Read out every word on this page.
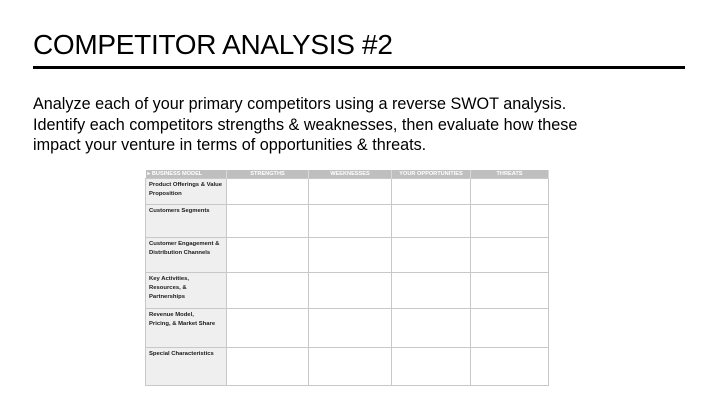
COMPETITOR ANALYSIS #2

Analyze each of your primary competitors using a reverse SWOT analysis.
Identify each competitors strengths & weaknesses, then evaluate how these
impact your venture in terms of opportunities & threats.

▸ BUSINESS MODEL	STRENGTHS	WEEKNESSES	YOUR OPPORTUNITIES	THREATS

Product Offerings & Value
Proposition				

Customers Segments				

Customer Engagement &
Distribution Channels				

Key Activities,
Resources, &
Partnerships				

Revenue Model,
Pricing, & Market Share				

Special Characteristics				
